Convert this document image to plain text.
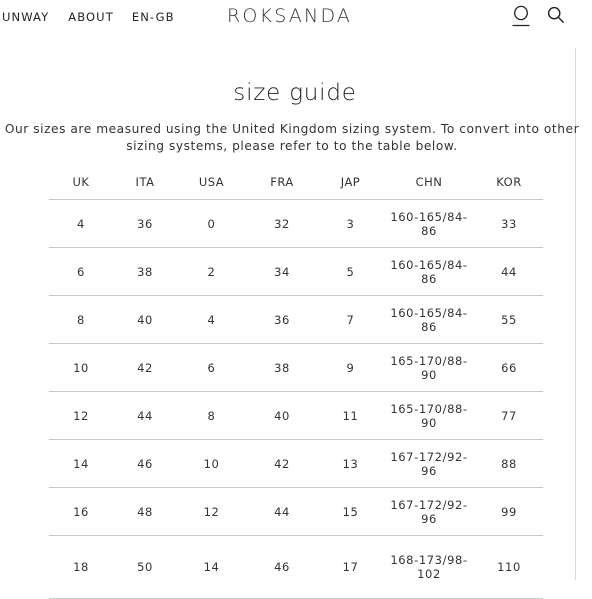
UNWAY ABOUT EN-GB	ROKSANDA
size guide
Our sizes are measured using the United Kingdom sizing system. To convert into other sizing systems, please refer to to the table below.
UK	ITA	USA	FRA	JAP	CHN	KOR
4	36	0	32	3	160-165/84-86	33
6	38	2	34	5	160-165/84-86	44
8	40	4	36	7	160-165/84-86	55
10	42	6	38	9	165-170/88-90	66
12	44	8	40	11	165-170/88-90	77
14	46	10	42	13	167-172/92-96	88
16	48	12	44	15	167-172/92-96	99
18	50	14	46	17	168-173/98-102	110
